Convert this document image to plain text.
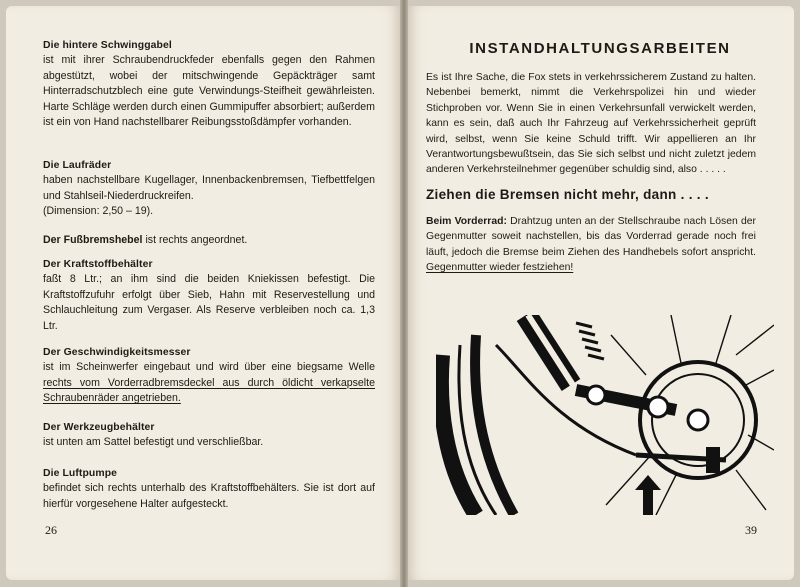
Die hintere Schwinggabel

ist mit ihrer Schraubendruckfeder ebenfalls gegen den Rahmen abgestützt, wobei der mitschwingende Gepäckträger samt Hinterradschutzblech eine gute Verwindungs-Steifheit gewährleisten. Harte Schläge werden durch einen Gummipuffer absorbiert; außerdem ist ein von Hand nachstellbarer Reibungsstoßdämpfer vorhanden.

Die Laufräder

haben nachstellbare Kugellager, Innenbackenbremsen, Tiefbettfelgen und Stahlseil-Niederdruckreifen.

(Dimension: 2,50 – 19).

Der Fußbremshebel ist rechts angeordnet.

Der Kraftstoffbehälter

faßt 8 Ltr.; an ihm sind die beiden Kniekissen befestigt. Die Kraftstoffzufuhr erfolgt über Sieb, Hahn mit Reservestellung und Schlauchleitung zum Vergaser. Als Reserve verbleiben noch ca. 1,3 Ltr.

Der Geschwindigkeitsmesser

ist im Scheinwerfer eingebaut und wird über eine biegsame Welle rechts vom Vorderradbremsdeckel aus durch öldicht verkapselte Schraubenräder angetrieben.

Der Werkzeugbehälter

ist unten am Sattel befestigt und verschließbar.

Die Luftpumpe

befindet sich rechts unterhalb des Kraftstoffbehälters. Sie ist dort auf hierfür vorgesehene Halter aufgesteckt.

26
INSTANDHALTUNGSARBEITEN
Es ist Ihre Sache, die Fox stets in verkehrssicherem Zustand zu halten. Nebenbei bemerkt, nimmt die Verkehrspolizei hin und wieder Stichproben vor. Wenn Sie in einen Verkehrsunfall verwickelt werden, kann es sein, daß auch Ihr Fahrzeug auf Verkehrssicherheit geprüft wird, selbst, wenn Sie keine Schuld trifft. Wir appellieren an Ihr Verantwortungsbewußtsein, das Sie sich selbst und nicht zuletzt jedem anderen Verkehrsteilnehmer gegenüber schuldig sind, also . . . . .
Ziehen die Bremsen nicht mehr, dann . . . .
Beim Vorderrad: Drahtzug unten an der Stellschraube nach Lösen der Gegenmutter soweit nachstellen, bis das Vorderrad gerade noch frei läuft, jedoch die Bremse beim Ziehen des Handhebels sofort anspricht. Gegenmutter wieder festziehen!
39
